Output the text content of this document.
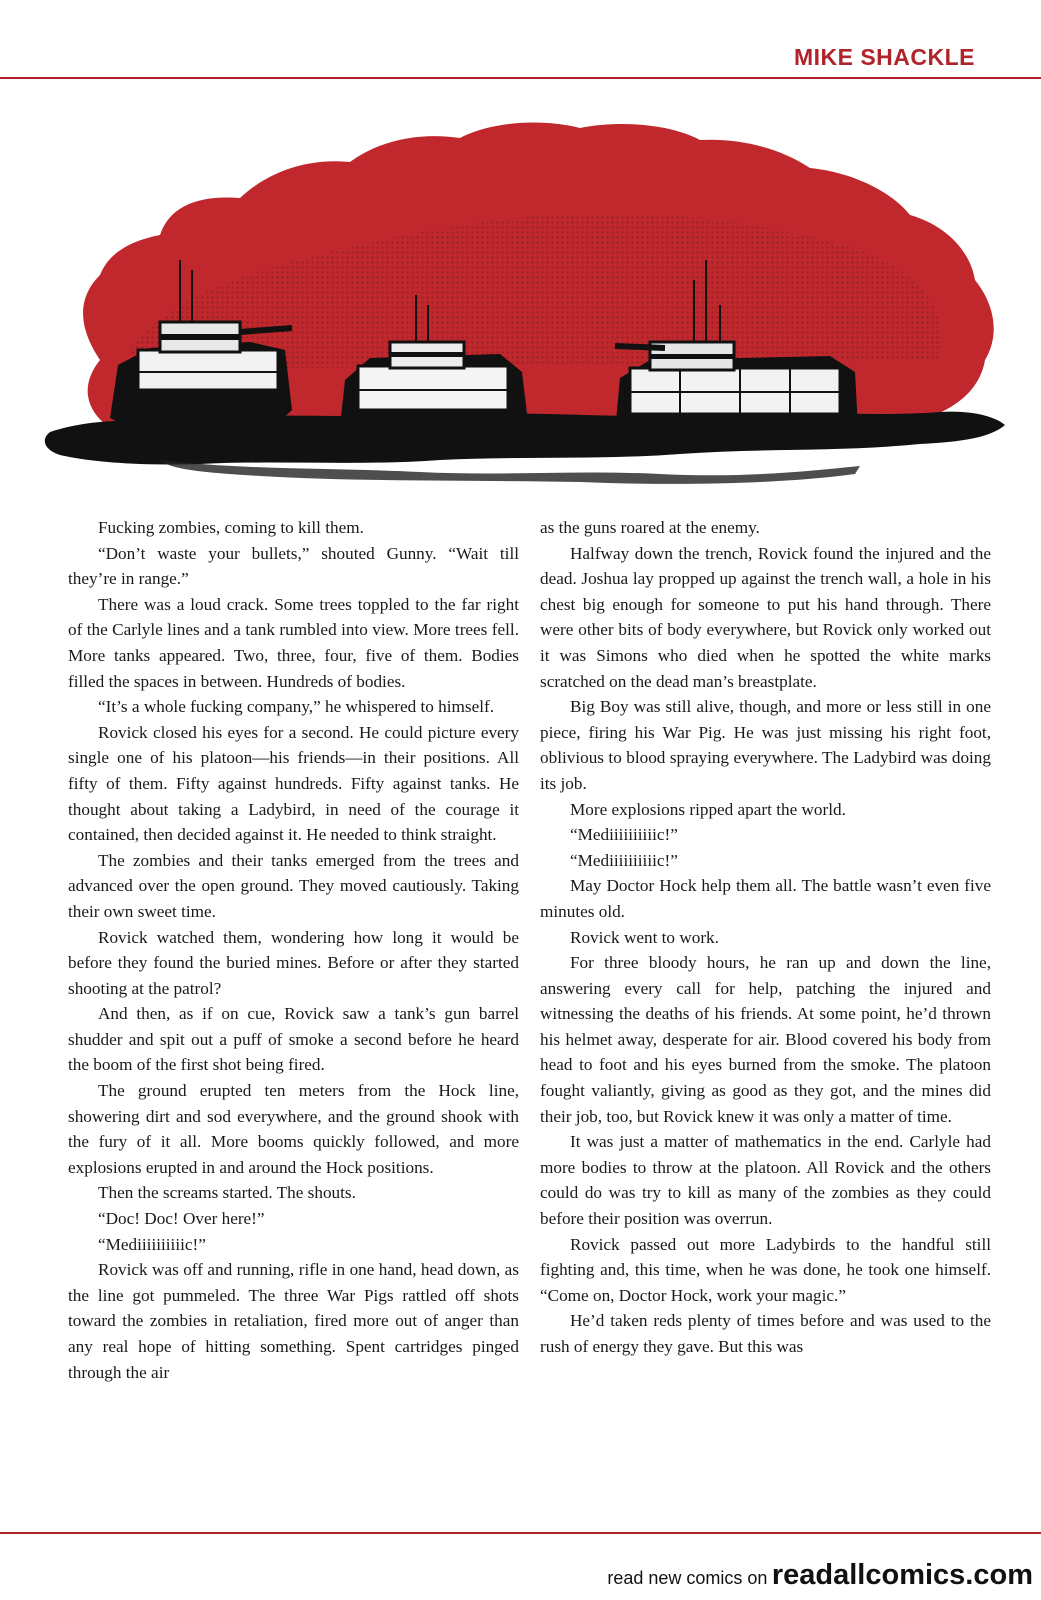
MIKE SHACKLE

Fucking zombies, coming to kill them.

“Don’t waste your bullets,” shouted Gunny. “Wait till they’re in range.”

There was a loud crack. Some trees toppled to the far right of the Carlyle lines and a tank rumbled into view. More trees fell. More tanks appeared. Two, three, four, five of them. Bodies filled the spaces in between. Hundreds of bodies.

“It’s a whole fucking company,” he whispered to himself.

Rovick closed his eyes for a second. He could picture every single one of his platoon—his friends—in their positions. All fifty of them. Fifty against hundreds. Fifty against tanks. He thought about taking a Ladybird, in need of the courage it contained, then decided against it. He needed to think straight.

The zombies and their tanks emerged from the trees and advanced over the open ground. They moved cautiously. Taking their own sweet time.

Rovick watched them, wondering how long it would be before they found the buried mines. Before or after they started shooting at the patrol?

And then, as if on cue, Rovick saw a tank’s gun barrel shudder and spit out a puff of smoke a second before he heard the boom of the first shot being fired.

The ground erupted ten meters from the Hock line, showering dirt and sod everywhere, and the ground shook with the fury of it all. More booms quickly followed, and more explosions erupted in and around the Hock positions.

Then the screams started. The shouts.

“Doc! Doc! Over here!”

“Mediiiiiiiiiic!”

Rovick was off and running, rifle in one hand, head down, as the line got pummeled. The three War Pigs rattled off shots toward the zombies in retaliation, fired more out of anger than any real hope of hitting something. Spent cartridges pinged through the air

as the guns roared at the enemy.

Halfway down the trench, Rovick found the injured and the dead. Joshua lay propped up against the trench wall, a hole in his chest big enough for someone to put his hand through. There were other bits of body everywhere, but Rovick only worked out it was Simons who died when he spotted the white marks scratched on the dead man’s breastplate.

Big Boy was still alive, though, and more or less still in one piece, firing his War Pig. He was just missing his right foot, oblivious to blood spraying everywhere. The Ladybird was doing its job.

More explosions ripped apart the world.

“Mediiiiiiiiiic!”

“Mediiiiiiiiiic!”

May Doctor Hock help them all. The battle wasn’t even five minutes old.

Rovick went to work.

For three bloody hours, he ran up and down the line, answering every call for help, patching the injured and witnessing the deaths of his friends. At some point, he’d thrown his helmet away, desperate for air. Blood covered his body from head to foot and his eyes burned from the smoke. The platoon fought valiantly, giving as good as they got, and the mines did their job, too, but Rovick knew it was only a matter of time.

It was just a matter of mathematics in the end. Carlyle had more bodies to throw at the platoon. All Rovick and the others could do was try to kill as many of the zombies as they could before their position was overrun.

Rovick passed out more Ladybirds to the handful still fighting and, this time, when he was done, he took one himself. “Come on, Doctor Hock, work your magic.”

He’d taken reds plenty of times before and was used to the rush of energy they gave. But this was

read new comics on readallcomics.com
